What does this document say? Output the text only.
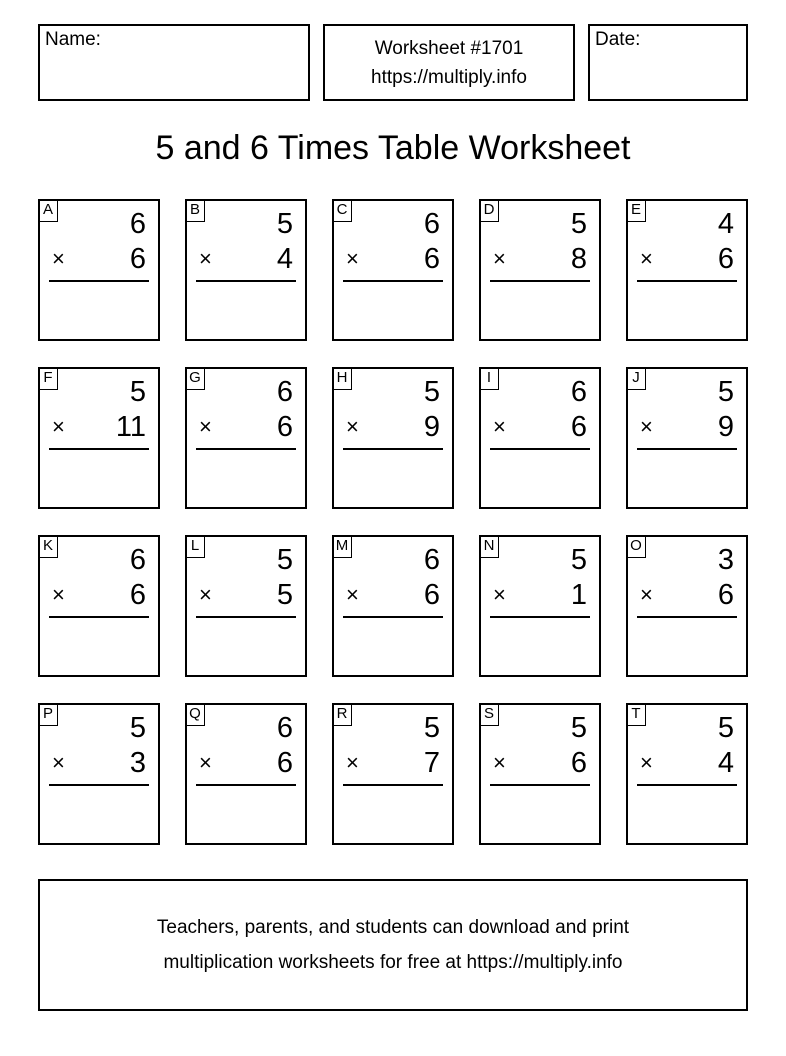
Name:	Worksheet #1701
https://multiply.info
Date:
5 and 6 Times Table Worksheet
A	6
× 6
B	5
× 4
C	6
× 6
D	5
× 8
E	4
× 6
F	5
× 11
G	6
× 6
H	5
× 9
I	6
× 6
J	5
× 9
K	6
× 6
L	5
× 5
M	6
× 6
N	5
× 1
O	3
× 6
P	5
× 3
Q	6
× 6
R	5
× 7
S	5
× 6
T	5
× 4
Teachers, parents, and students can download and print
multiplication worksheets for free at https://multiply.info
